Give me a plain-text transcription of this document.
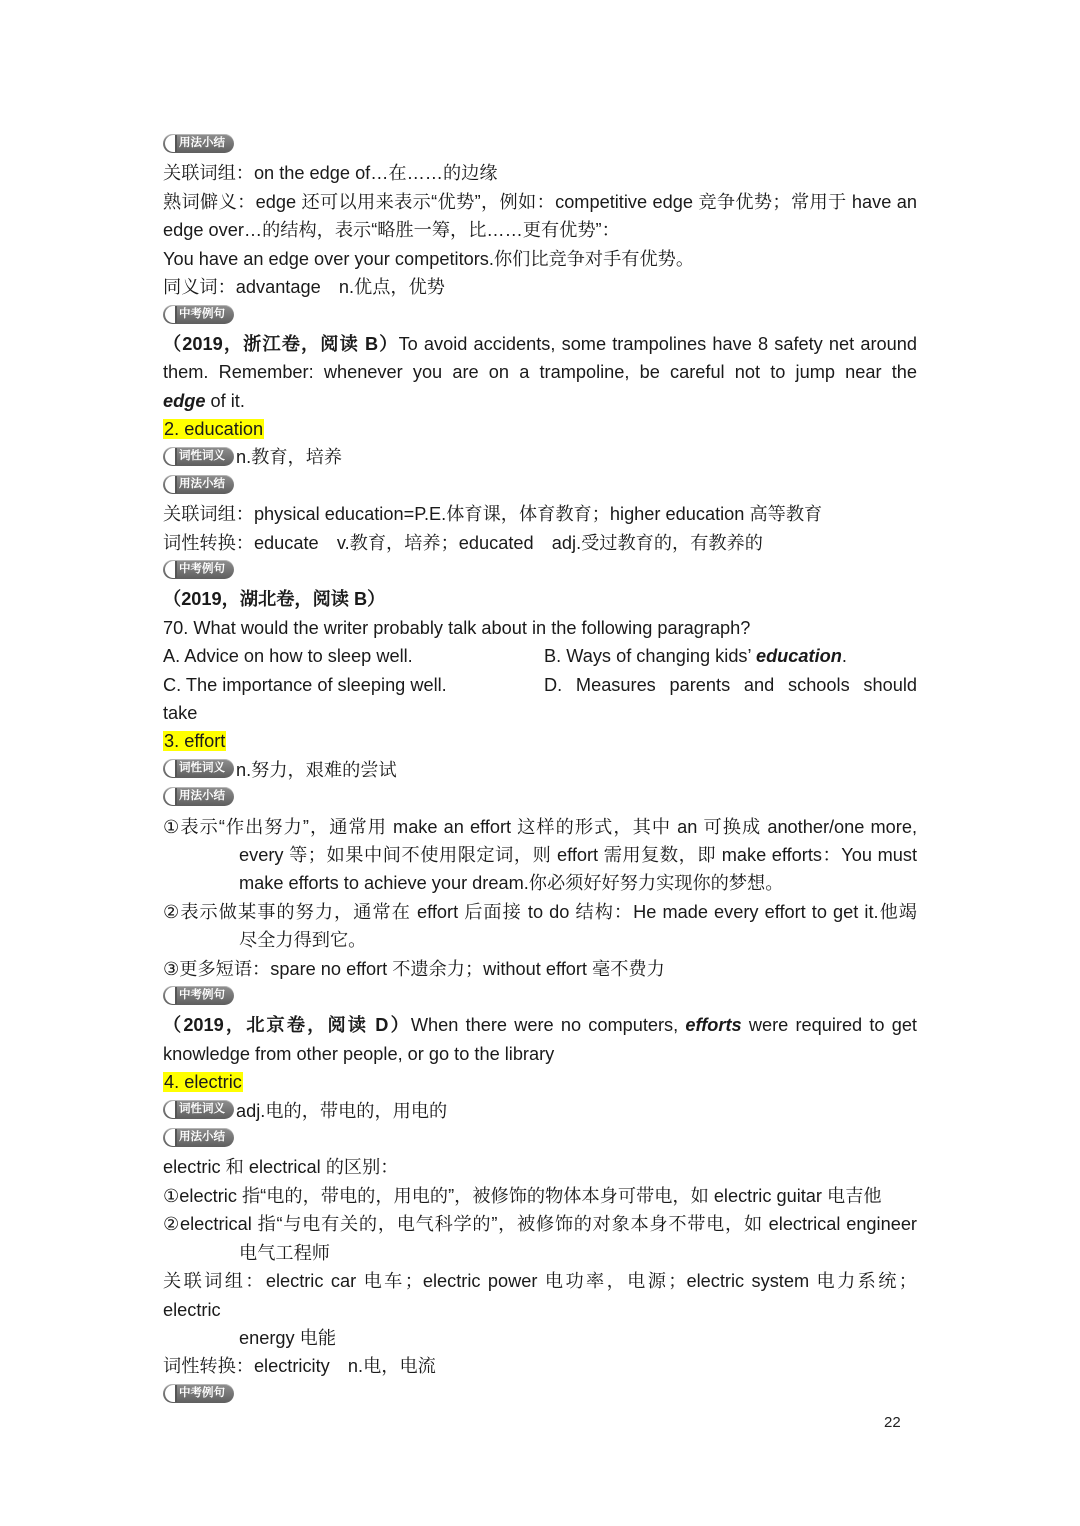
用法小结
关联词组：on the edge of…在……的边缘
熟词僻义：edge 还可以用来表示“优势”，例如：competitive edge 竞争优势；常用于 have an
edge over…的结构，表示“略胜一筹，比……更有优势”：
You have an edge over your competitors.你们比竞争对手有优势。
同义词：advantage　n.优点，优势
中考例句
（2019，浙江卷，阅读 B）To avoid accidents, some trampolines have 8 safety net around
them. Remember: whenever you are on a trampoline, be careful not to jump near the
edge of it.
2. education
词性词义 n.教育，培养
用法小结
关联词组：physical education=P.E.体育课，体育教育；higher education 高等教育
词性转换：educate　v.教育，培养；educated　adj.受过教育的，有教养的
中考例句
（2019，湖北卷，阅读 B）
70. What would the writer probably talk about in the following paragraph?
A. Advice on how to sleep well.	B. Ways of changing kids’ education.
C. The importance of sleeping well.	D. Measures parents and schools should
take
3. effort
词性词义 n.努力，艰难的尝试
用法小结
①表示“作出努力”，通常用 make an effort 这样的形式，其中 an 可换成 another/one more,
every 等；如果中间不使用限定词，则 effort 需用复数，即 make efforts：You must
make efforts to achieve your dream.你必须好好努力实现你的梦想。
②表示做某事的努力，通常在 effort 后面接 to do 结构：He made every effort to get it.他竭
尽全力得到它。
③更多短语：spare no effort 不遗余力；without effort 毫不费力
中考例句
（2019，北京卷，阅读 D）When there were no computers, efforts were required to get
knowledge from other people, or go to the library
4. electric
词性词义 adj.电的，带电的，用电的
用法小结
electric 和 electrical 的区别：
①electric 指“电的，带电的，用电的”，被修饰的物体本身可带电，如 electric guitar 电吉他
②electrical 指“与电有关的，电气科学的”，被修饰的对象本身不带电，如 electrical engineer
电气工程师
关联词组：electric car 电车；electric power 电功率，电源；electric system 电力系统；electric
energy 电能
词性转换：electricity　n.电，电流
中考例句
22
